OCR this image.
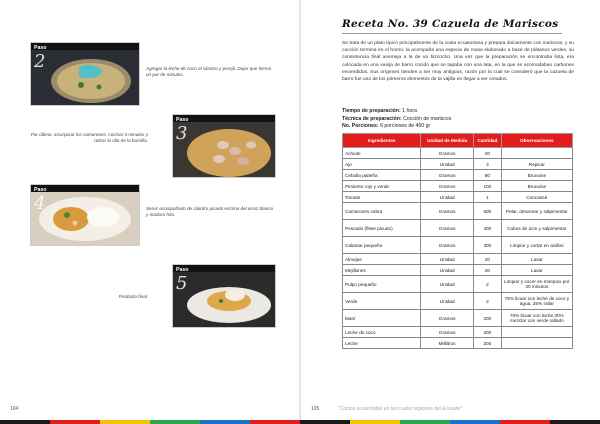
Paso
2	Agregar la leche de coco el cilantro y perejil. Dejar que hierva un par de minutos.
Paso
3
Por último, incorporar los camarones, cocinar 3 minutos y retirar la olla de la hornilla.
Paso
4	Servir acompañado de cilantro picado encima del arroz blanco y maduro frito.
Paso
5
Producto final.
104
Receta No. 39 Cazuela de Mariscos
Se trata de un plato típico principalmente de la costa ecuatoriana y prepara únicamente con mariscos, y su cocción termina en el horno, la acompaña una especie de masa elaborado a base de plátanos verdes, su consistencia final asemeja a la de un bizcocho. Una vez que la preparación se encontraba lista, era colocada en una vasija de barro cocido que se tapaba con una lata, en la que se acomodaban carbones encendidos. Sus orígenes tienden a ser muy antiguos, razón por la cual se consideró que la cazuela de barro fue uno de los primeros elementos de la vajilla en llegar a ser creados.
Tiempo de preparación: 1 hora
Técnica de preparación: Cocción de mariscos
No. Porciones: 6 porciones de 450 gr
Ingredientes	Unidad de Medida	Cantidad	Observaciones
Achiote	Gramos	20	
Ajo	Unidad	3	Repicar
Cebolla paiteña	Gramos	80	Brunoise
Pimiento rojo y verde	Gramos	100	Brunoise
Tomate	Unidad	1	Concassé
Camarones cebra	Gramos	500	Pelar, desvenar y salpimentar
Pescado (filete picudo)	Gramos	400	Cubos de 2cm y salpimentar
Calamar pequeño	Gramos	300	Limpiar y cortar en anillos
Almejas	Unidad	20	Lavar
Mejillones	Unidad	20	Lavar
Pulpo pequeño	Unidad	2	Limpiar y cocer en mirepoix por 30 minutos
Verde	Unidad	2	75% licuar con leche de coco y agua, 25% rallar
Maní	Gramos	200	70% licuar con leche,30% mezclar con verde rallado
Leche de coco	Gramos	200	
Leche	Mililitros	200	
105	"Cocina sustentable en las cuatro regiones del Ecuador"
